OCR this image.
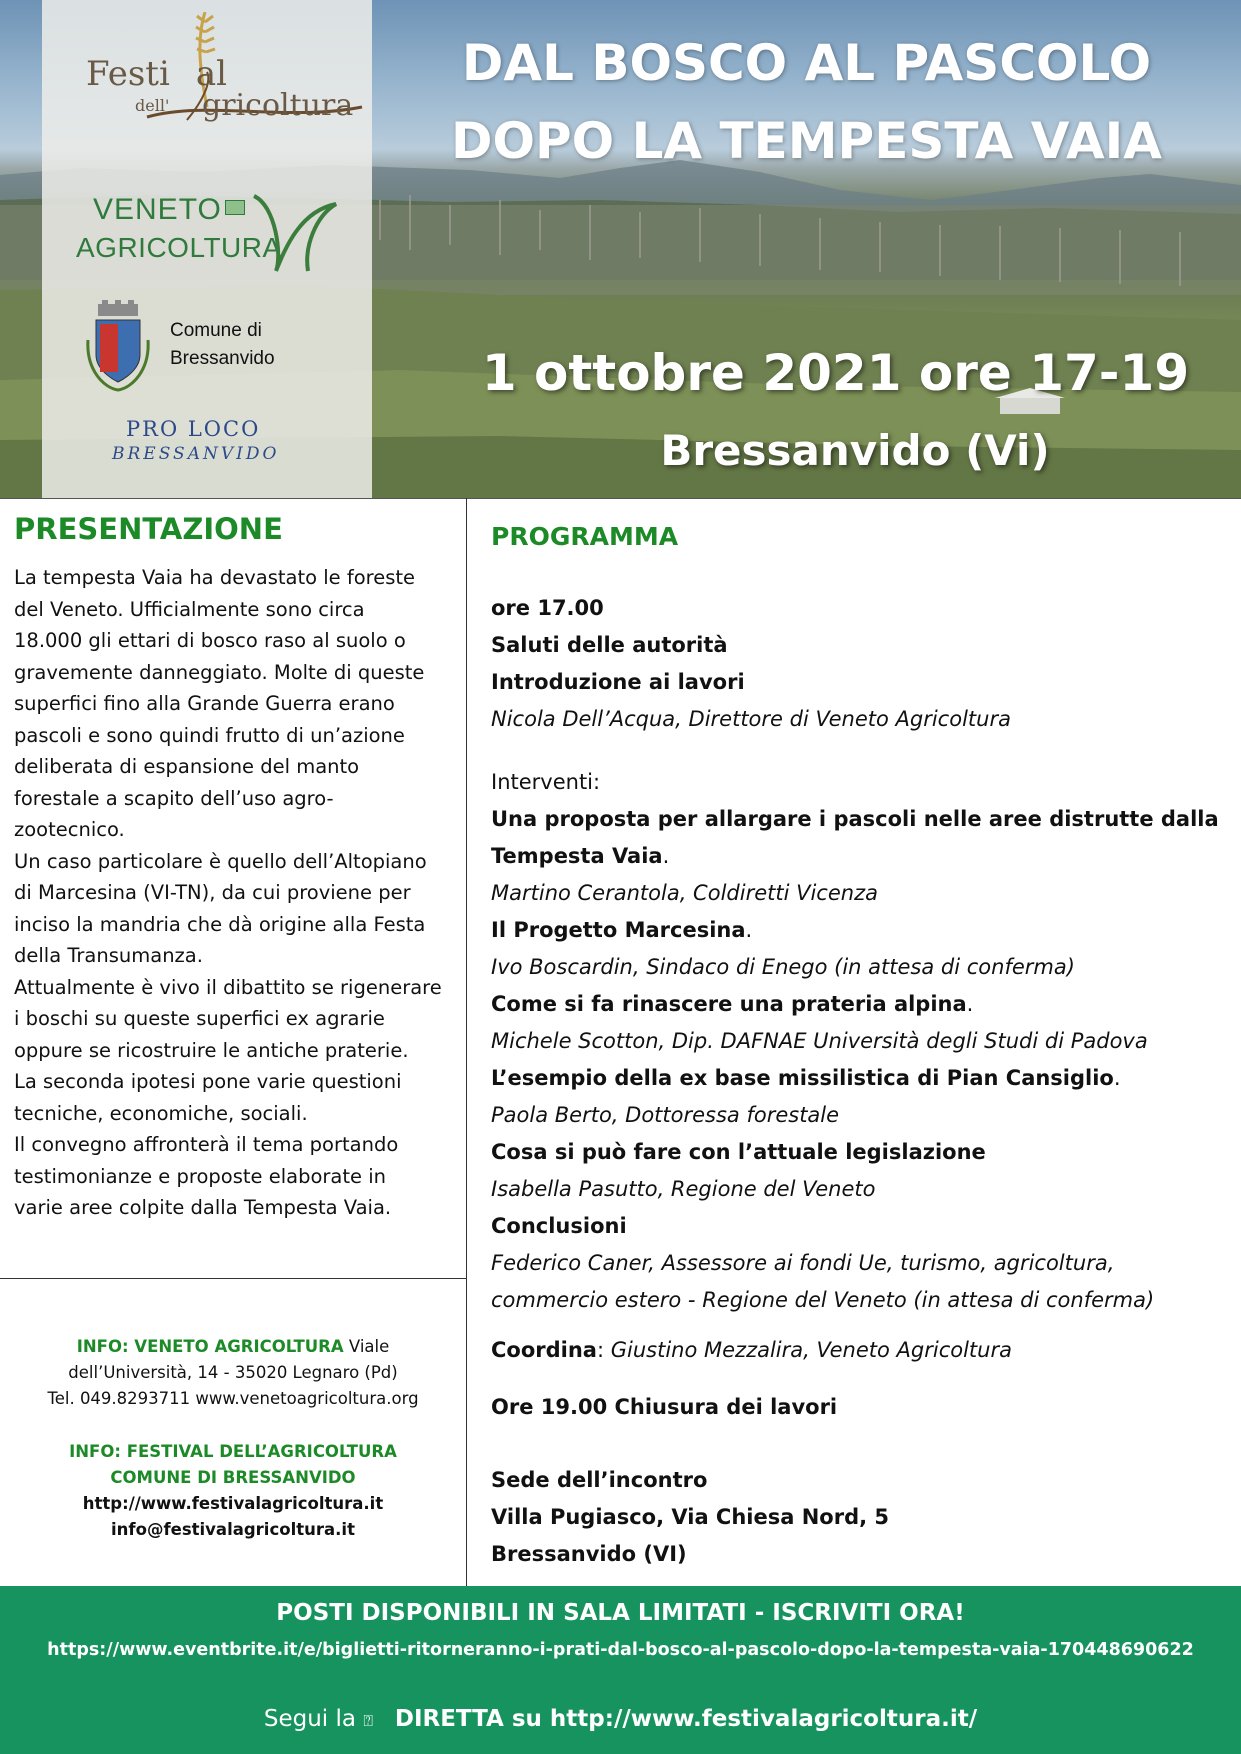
DAL BOSCO AL PASCOLO
DOPO LA TEMPESTA VAIA
1 ottobre 2021 ore 17-19
Bressanvido (Vi)
Festi al
dell' gricoltura
VENETO
AGRICOLTURA
Comune di
Bressanvido
PRO LOCO
BRESSANVIDO
PRESENTAZIONE
La tempesta Vaia ha devastato le foreste
del Veneto. Ufficialmente sono circa
18.000 gli ettari di bosco raso al suolo o
gravemente danneggiato. Molte di queste
superfici fino alla Grande Guerra erano
pascoli e sono quindi frutto di un’azione
deliberata di espansione del manto
forestale a scapito dell’uso agro-
zootecnico.
Un caso particolare è quello dell’Altopiano
di Marcesina (VI-TN), da cui proviene per
inciso la mandria che dà origine alla Festa
della Transumanza.
Attualmente è vivo il dibattito se rigenerare
i boschi su queste superfici ex agrarie
oppure se ricostruire le antiche praterie.
La seconda ipotesi pone varie questioni
tecniche, economiche, sociali.
Il convegno affronterà il tema portando
testimonianze e proposte elaborate in
varie aree colpite dalla Tempesta Vaia.
INFO: VENETO AGRICOLTURA Viale
dell’Università, 14 - 35020 Legnaro (Pd)
Tel. 049.8293711 www.venetoagricoltura.org
INFO: FESTIVAL DELL’AGRICOLTURA
COMUNE DI BRESSANVIDO
http://www.festivalagricoltura.it
info@festivalagricoltura.it
PROGRAMMA
ore 17.00
Saluti delle autorità
Introduzione ai lavori
Nicola Dell’Acqua, Direttore di Veneto Agricoltura
Interventi:
Una proposta per allargare i pascoli nelle aree distrutte dalla
Tempesta Vaia.
Martino Cerantola, Coldiretti Vicenza
Il Progetto Marcesina.
Ivo Boscardin, Sindaco di Enego (in attesa di conferma)
Come si fa rinascere una prateria alpina.
Michele Scotton, Dip. DAFNAE Università degli Studi di Padova
L’esempio della ex base missilistica di Pian Cansiglio.
Paola Berto, Dottoressa forestale
Cosa si può fare con l’attuale legislazione
Isabella Pasutto, Regione del Veneto
Conclusioni
Federico Caner, Assessore ai fondi Ue, turismo, agricoltura,
commercio estero - Regione del Veneto (in attesa di conferma)
Coordina: Giustino Mezzalira, Veneto Agricoltura
Ore 19.00 Chiusura dei lavori
Sede dell’incontro
Villa Pugiasco, Via Chiesa Nord, 5
Bressanvido (VI)
POSTI DISPONIBILI IN SALA LIMITATI - ISCRIVITI ORA!
https://www.eventbrite.it/e/biglietti-ritorneranno-i-prati-dal-bosco-al-pascolo-dopo-la-tempesta-vaia-170448690622
Segui la ⍰ DIRETTA su http://www.festivalagricoltura.it/
